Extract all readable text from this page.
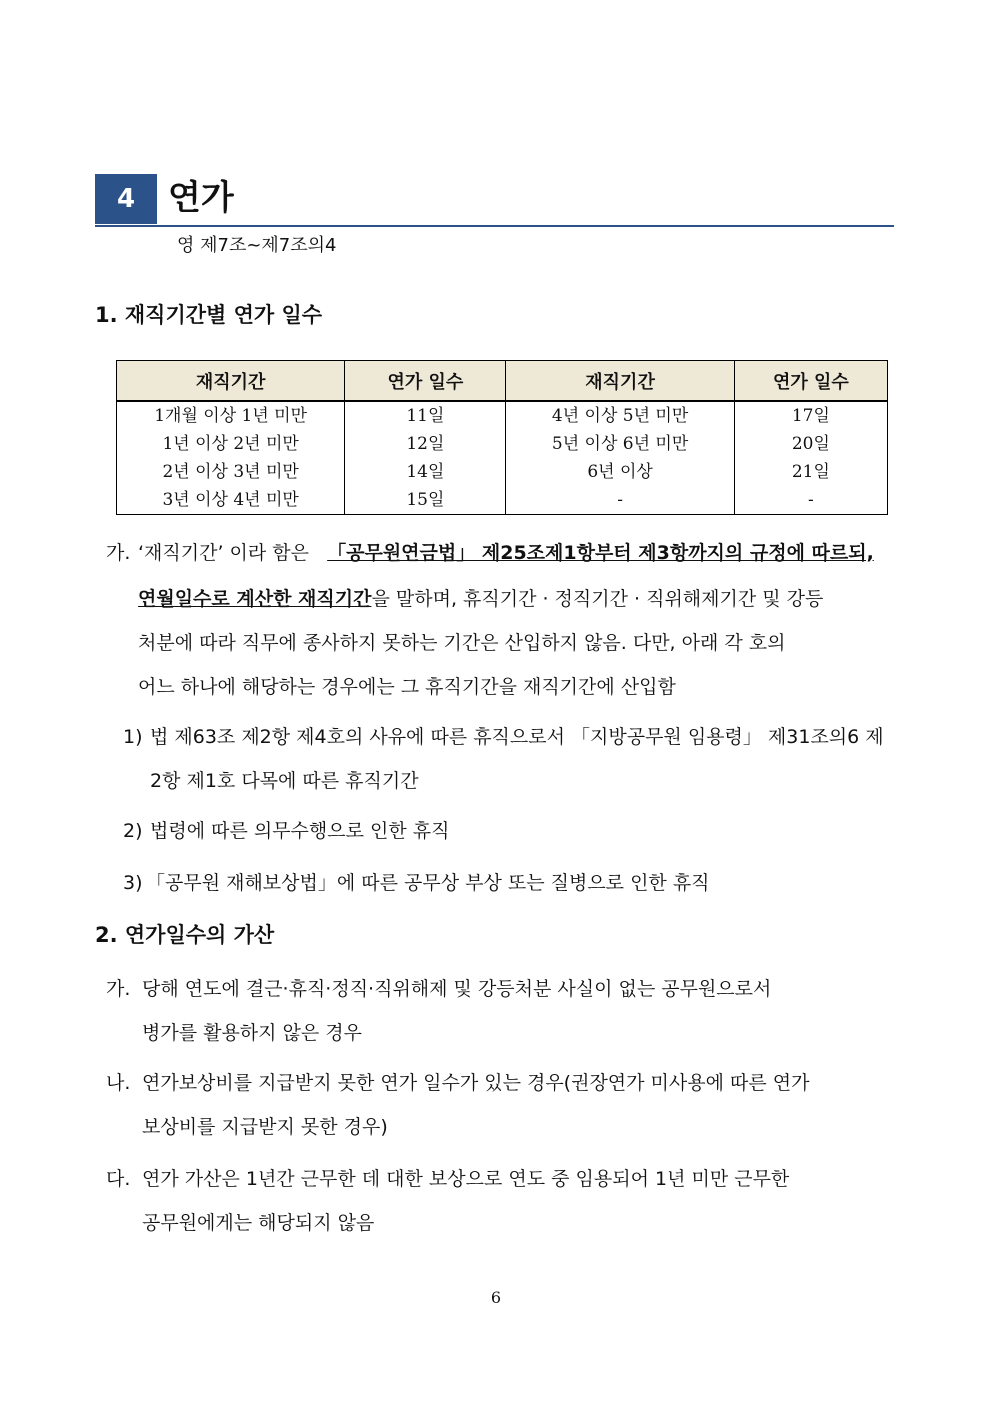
4 연가
영 제7조~제7조의4
1. 재직기간별 연가 일수
재직기간	연가 일수	재직기간	연가 일수
1개월 이상 1년 미만	11일	4년 이상 5년 미만	17일
1년 이상 2년 미만	12일	5년 이상 6년 미만	20일
2년 이상 3년 미만	14일	6년 이상	21일
3년 이상 4년 미만	15일	-	-
가. ‘재직기간’ 이라 함은 「공무원연금법」 제25조제1항부터 제3항까지의 규정에 따르되,
연월일수로 계산한 재직기간을 말하며, 휴직기간 · 정직기간 · 직위해제기간 및 강등
처분에 따라 직무에 종사하지 못하는 기간은 산입하지 않음. 다만, 아래 각 호의
어느 하나에 해당하는 경우에는 그 휴직기간을 재직기간에 산입함
1) 법 제63조 제2항 제4호의 사유에 따른 휴직으로서 「지방공무원 임용령」 제31조의6 제
2항 제1호 다목에 따른 휴직기간
2) 법령에 따른 의무수행으로 인한 휴직
3) 「공무원 재해보상법」에 따른 공무상 부상 또는 질병으로 인한 휴직
2. 연가일수의 가산
가. 당해 연도에 결근·휴직·정직·직위해제 및 강등처분 사실이 없는 공무원으로서
병가를 활용하지 않은 경우
나. 연가보상비를 지급받지 못한 연가 일수가 있는 경우(권장연가 미사용에 따른 연가
보상비를 지급받지 못한 경우)
다. 연가 가산은 1년간 근무한 데 대한 보상으로 연도 중 임용되어 1년 미만 근무한
공무원에게는 해당되지 않음
6
